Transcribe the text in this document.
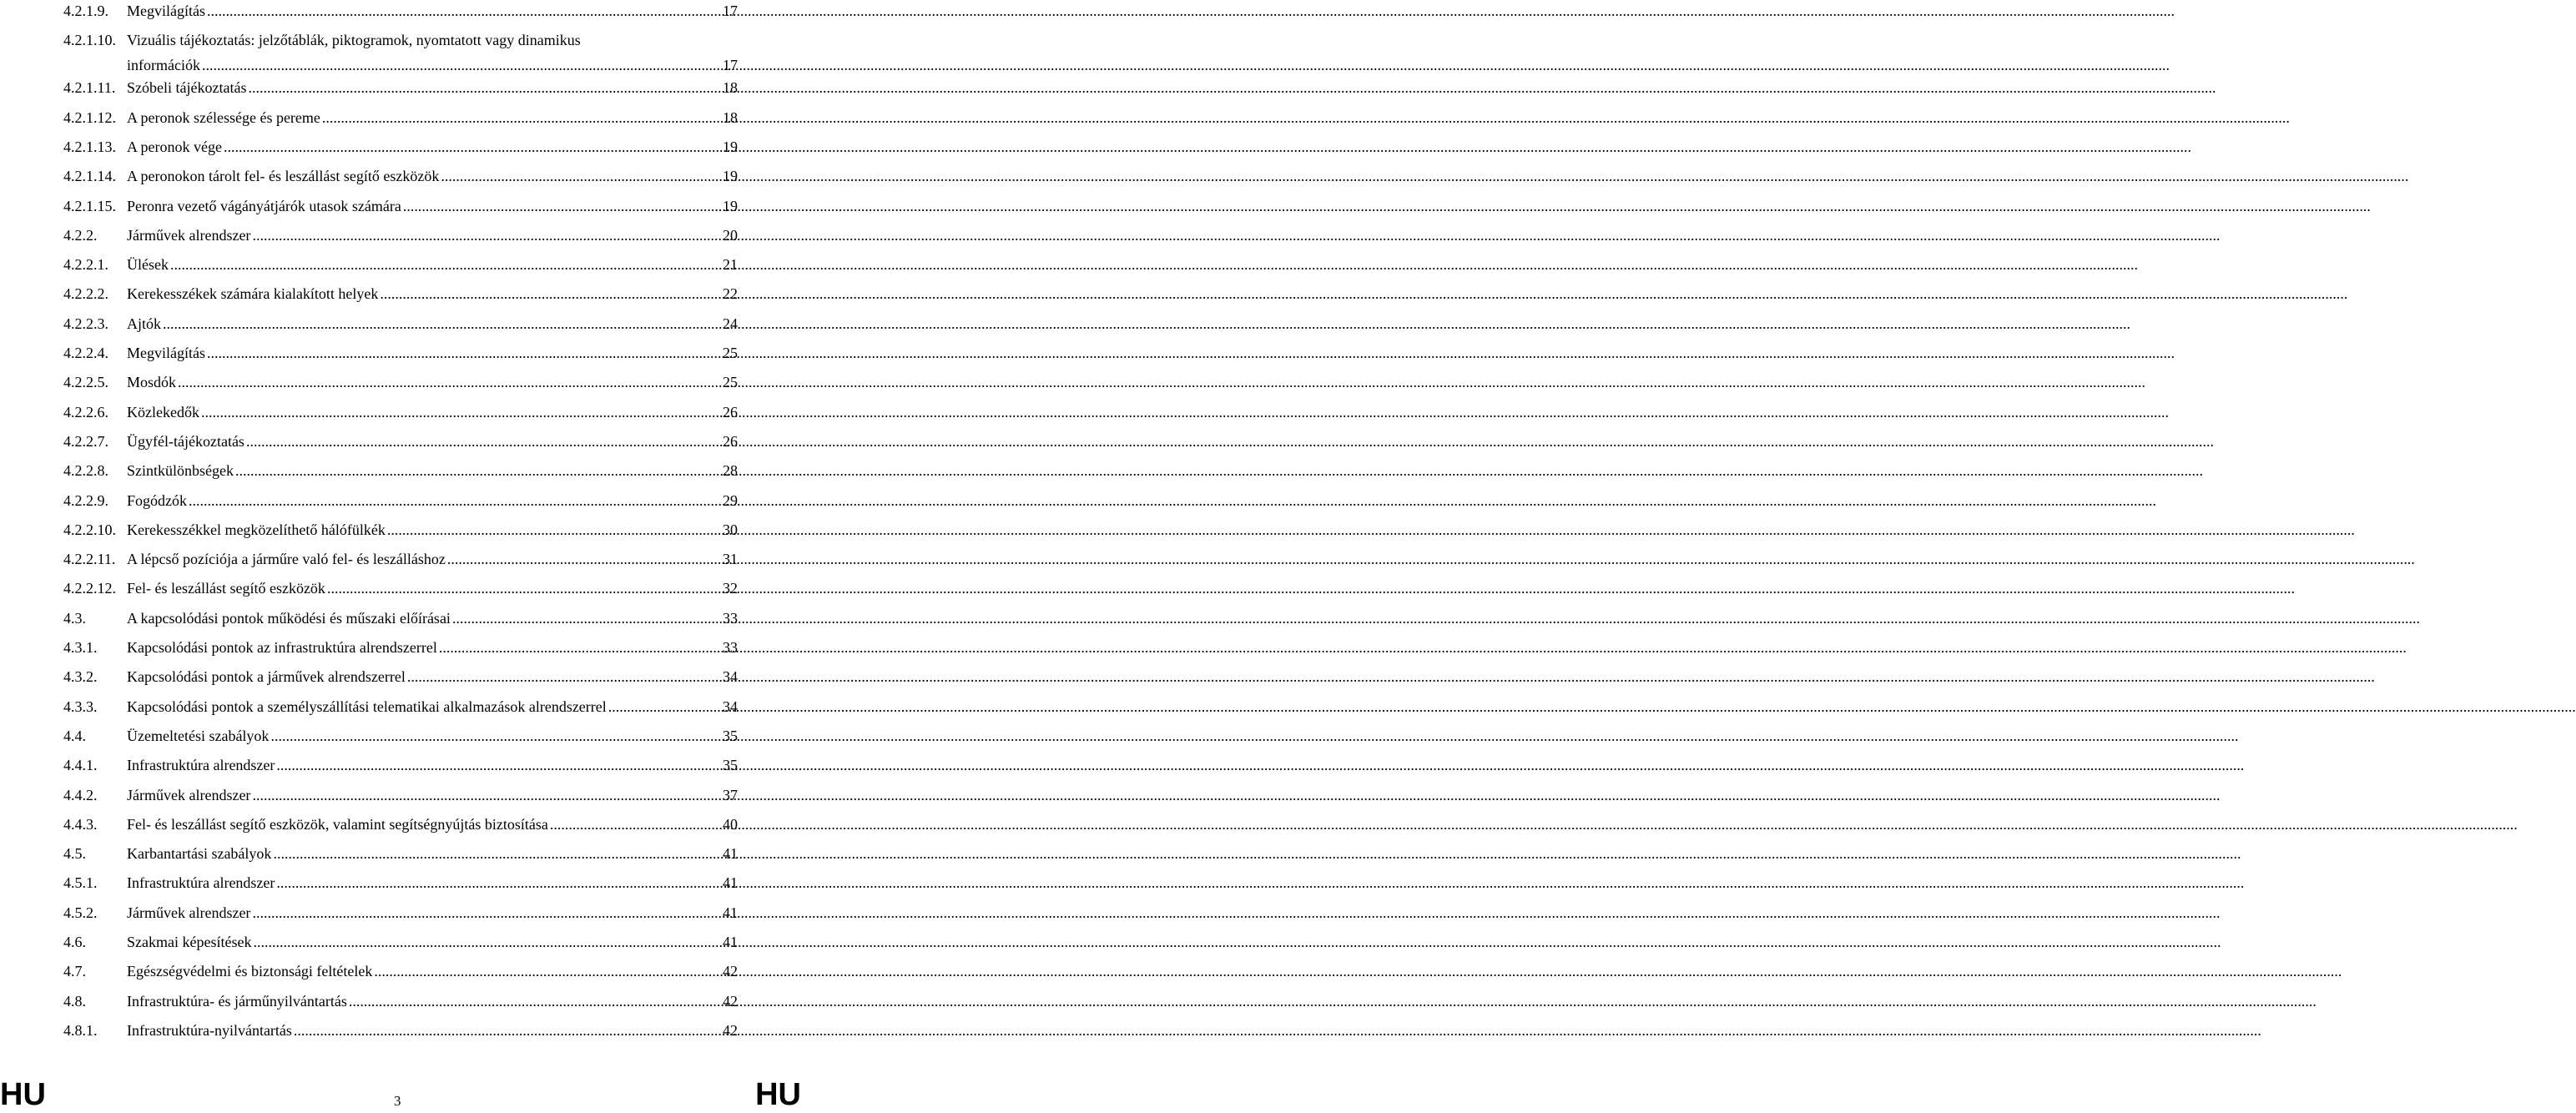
4.2.1.9.	Megvilágítás .....	17
4.2.1.10. Vizuális tájékoztatás: jelzőtáblák, piktogramok, nyomtatott vagy dinamikus
információk .....	17
4.2.1.11. Szóbeli tájékoztatás .....	18
4.2.1.12. A peronok szélessége és pereme .....	18
4.2.1.13. A peronok vége .....	19
4.2.1.14. A peronokon tárolt fel- és leszállást segítő eszközök .....	19
4.2.1.15. Peronra vezető vágányátjárók utasok számára .....	19
4.2.2.	Járművek alrendszer .....	20
4.2.2.1.	Ülések .....	21
4.2.2.2.	Kerekesszékek számára kialakított helyek .....	22
4.2.2.3.	Ajtók .....	24
4.2.2.4.	Megvilágítás .....	25
4.2.2.5.	Mosdók .....	25
4.2.2.6.	Közlekedők .....	26
4.2.2.7.	Ügyfél-tájékoztatás .....	26
4.2.2.8.	Szintkülönbségek .....	28
4.2.2.9.	Fogódzók .....	29
4.2.2.10. Kerekesszékkel megközelíthető hálófülkék .....	30
4.2.2.11. A lépcső pozíciója a járműre való fel- és leszálláshoz .....	31
4.2.2.12. Fel- és leszállást segítő eszközök .....	32
4.3.	A kapcsolódási pontok működési és műszaki előírásai .....	33
4.3.1.	Kapcsolódási pontok az infrastruktúra alrendszerrel .....	33
4.3.2.	Kapcsolódási pontok a járművek alrendszerrel .....	34
4.3.3.	Kapcsolódási pontok a személyszállítási telematikai alkalmazások alrendszerrel .....	34
4.4.	Üzemeltetési szabályok .....	35
4.4.1.	Infrastruktúra alrendszer .....	35
4.4.2.	Járművek alrendszer .....	37
4.4.3.	Fel- és leszállást segítő eszközök, valamint segítségnyújtás biztosítása .....	40
4.5.	Karbantartási szabályok .....	41
4.5.1.	Infrastruktúra alrendszer .....	41
4.5.2.	Járművek alrendszer .....	41
4.6.	Szakmai képesítések .....	41
4.7.	Egészségvédelmi és biztonsági feltételek .....	42
4.8.	Infrastruktúra- és járműnyilvántartás .....	42
4.8.1.	Infrastruktúra-nyilvántartás .....	42
HU	3	HU
